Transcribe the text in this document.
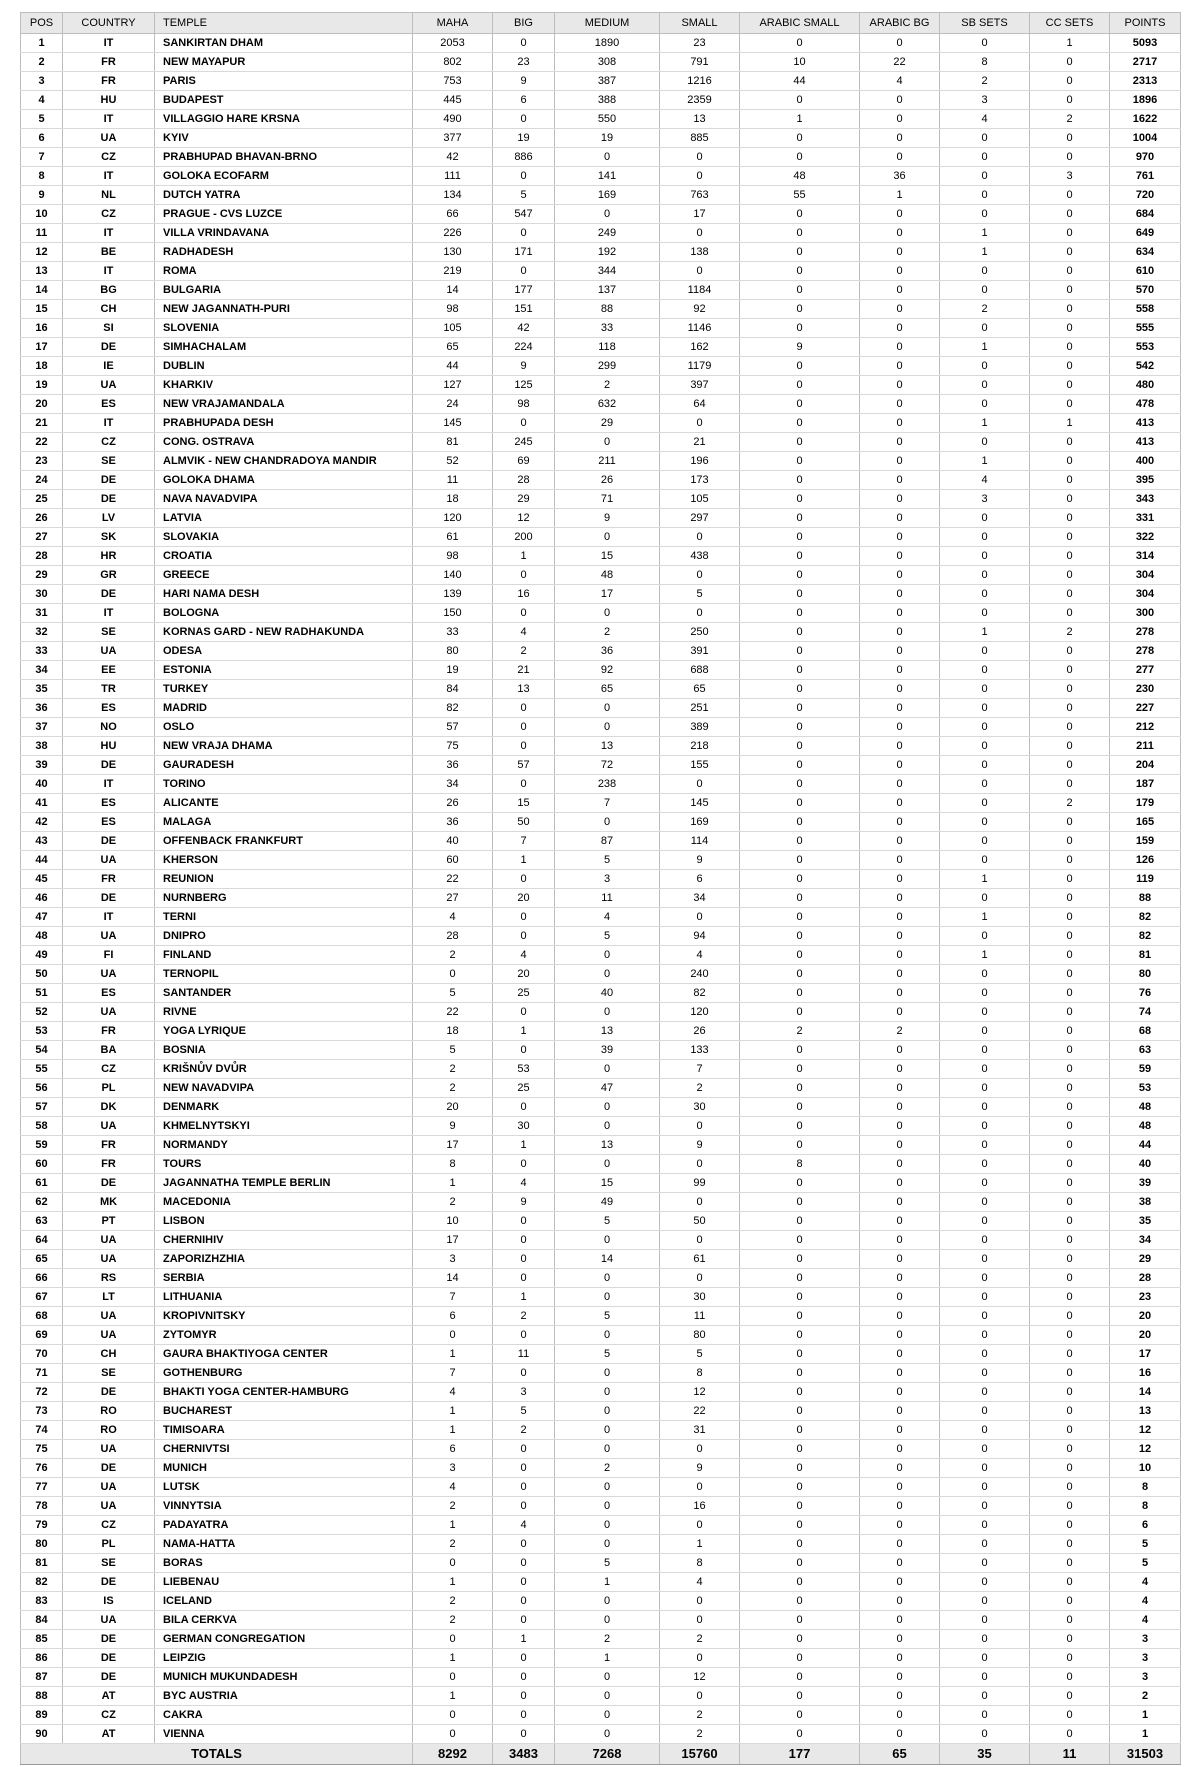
POS	COUNTRY	TEMPLE	MAHA	BIG	MEDIUM	SMALL	ARABIC SMALL	ARABIC BG	SB SETS	CC SETS	POINTS
1	IT	SANKIRTAN DHAM	2053	0	1890	23	0	0	0	1	5093
2	FR	NEW MAYAPUR	802	23	308	791	10	22	8	0	2717
3	FR	PARIS	753	9	387	1216	44	4	2	0	2313
4	HU	BUDAPEST	445	6	388	2359	0	0	3	0	1896
5	IT	VILLAGGIO HARE KRSNA	490	0	550	13	1	0	4	2	1622
6	UA	KYIV	377	19	19	885	0	0	0	0	1004
7	CZ	PRABHUPAD BHAVAN-BRNO	42	886	0	0	0	0	0	0	970
8	IT	GOLOKA ECOFARM	111	0	141	0	48	36	0	3	761
9	NL	DUTCH YATRA	134	5	169	763	55	1	0	0	720
10	CZ	PRAGUE - CVS LUZCE	66	547	0	17	0	0	0	0	684
11	IT	VILLA VRINDAVANA	226	0	249	0	0	0	1	0	649
12	BE	RADHADESH	130	171	192	138	0	0	1	0	634
13	IT	ROMA	219	0	344	0	0	0	0	0	610
14	BG	BULGARIA	14	177	137	1184	0	0	0	0	570
15	CH	NEW JAGANNATH-PURI	98	151	88	92	0	0	2	0	558
16	SI	SLOVENIA	105	42	33	1146	0	0	0	0	555
17	DE	SIMHACHALAM	65	224	118	162	9	0	1	0	553
18	IE	DUBLIN	44	9	299	1179	0	0	0	0	542
19	UA	KHARKIV	127	125	2	397	0	0	0	0	480
20	ES	NEW VRAJAMANDALA	24	98	632	64	0	0	0	0	478
21	IT	PRABHUPADA DESH	145	0	29	0	0	0	1	1	413
22	CZ	CONG. OSTRAVA	81	245	0	21	0	0	0	0	413
23	SE	ALMVIK - NEW CHANDRADOYA MANDIR	52	69	211	196	0	0	1	0	400
24	DE	GOLOKA DHAMA	11	28	26	173	0	0	4	0	395
25	DE	NAVA NAVADVIPA	18	29	71	105	0	0	3	0	343
26	LV	LATVIA	120	12	9	297	0	0	0	0	331
27	SK	SLOVAKIA	61	200	0	0	0	0	0	0	322
28	HR	CROATIA	98	1	15	438	0	0	0	0	314
29	GR	GREECE	140	0	48	0	0	0	0	0	304
30	DE	HARI NAMA DESH	139	16	17	5	0	0	0	0	304
31	IT	BOLOGNA	150	0	0	0	0	0	0	0	300
32	SE	KORNAS GARD - NEW RADHAKUNDA	33	4	2	250	0	0	1	2	278
33	UA	ODESA	80	2	36	391	0	0	0	0	278
34	EE	ESTONIA	19	21	92	688	0	0	0	0	277
35	TR	TURKEY	84	13	65	65	0	0	0	0	230
36	ES	MADRID	82	0	0	251	0	0	0	0	227
37	NO	OSLO	57	0	0	389	0	0	0	0	212
38	HU	NEW VRAJA DHAMA	75	0	13	218	0	0	0	0	211
39	DE	GAURADESH	36	57	72	155	0	0	0	0	204
40	IT	TORINO	34	0	238	0	0	0	0	0	187
41	ES	ALICANTE	26	15	7	145	0	0	0	2	179
42	ES	MALAGA	36	50	0	169	0	0	0	0	165
43	DE	OFFENBACK FRANKFURT	40	7	87	114	0	0	0	0	159
44	UA	KHERSON	60	1	5	9	0	0	0	0	126
45	FR	REUNION	22	0	3	6	0	0	1	0	119
46	DE	NURNBERG	27	20	11	34	0	0	0	0	88
47	IT	TERNI	4	0	4	0	0	0	1	0	82
48	UA	DNIPRO	28	0	5	94	0	0	0	0	82
49	FI	FINLAND	2	4	0	4	0	0	1	0	81
50	UA	TERNOPIL	0	20	0	240	0	0	0	0	80
51	ES	SANTANDER	5	25	40	82	0	0	0	0	76
52	UA	RIVNE	22	0	0	120	0	0	0	0	74
53	FR	YOGA LYRIQUE	18	1	13	26	2	2	0	0	68
54	BA	BOSNIA	5	0	39	133	0	0	0	0	63
55	CZ	KRIŠNŮV DVŮR	2	53	0	7	0	0	0	0	59
56	PL	NEW NAVADVIPA	2	25	47	2	0	0	0	0	53
57	DK	DENMARK	20	0	0	30	0	0	0	0	48
58	UA	KHMELNYTSKYI	9	30	0	0	0	0	0	0	48
59	FR	NORMANDY	17	1	13	9	0	0	0	0	44
60	FR	TOURS	8	0	0	0	8	0	0	0	40
61	DE	JAGANNATHA TEMPLE BERLIN	1	4	15	99	0	0	0	0	39
62	MK	MACEDONIA	2	9	49	0	0	0	0	0	38
63	PT	LISBON	10	0	5	50	0	0	0	0	35
64	UA	CHERNIHIV	17	0	0	0	0	0	0	0	34
65	UA	ZAPORIZHZHIA	3	0	14	61	0	0	0	0	29
66	RS	SERBIA	14	0	0	0	0	0	0	0	28
67	LT	LITHUANIA	7	1	0	30	0	0	0	0	23
68	UA	KROPIVNITSKY	6	2	5	11	0	0	0	0	20
69	UA	ZYTOMYR	0	0	0	80	0	0	0	0	20
70	CH	GAURA BHAKTIYOGA CENTER	1	11	5	5	0	0	0	0	17
71	SE	GOTHENBURG	7	0	0	8	0	0	0	0	16
72	DE	BHAKTI YOGA CENTER-HAMBURG	4	3	0	12	0	0	0	0	14
73	RO	BUCHAREST	1	5	0	22	0	0	0	0	13
74	RO	TIMISOARA	1	2	0	31	0	0	0	0	12
75	UA	CHERNIVTSI	6	0	0	0	0	0	0	0	12
76	DE	MUNICH	3	0	2	9	0	0	0	0	10
77	UA	LUTSK	4	0	0	0	0	0	0	0	8
78	UA	VINNYTSIA	2	0	0	16	0	0	0	0	8
79	CZ	PADAYATRA	1	4	0	0	0	0	0	0	6
80	PL	NAMA-HATTA	2	0	0	1	0	0	0	0	5
81	SE	BORAS	0	0	5	8	0	0	0	0	5
82	DE	LIEBENAU	1	0	1	4	0	0	0	0	4
83	IS	ICELAND	2	0	0	0	0	0	0	0	4
84	UA	BILA CERKVA	2	0	0	0	0	0	0	0	4
85	DE	GERMAN CONGREGATION	0	1	2	2	0	0	0	0	3
86	DE	LEIPZIG	1	0	1	0	0	0	0	0	3
87	DE	MUNICH MUKUNDADESH	0	0	0	12	0	0	0	0	3
88	AT	BYC AUSTRIA	1	0	0	0	0	0	0	0	2
89	CZ	CAKRA	0	0	0	2	0	0	0	0	1
90	AT	VIENNA	0	0	0	2	0	0	0	0	1
TOTALS			8292	3483	7268	15760	177	65	35	11	31503
